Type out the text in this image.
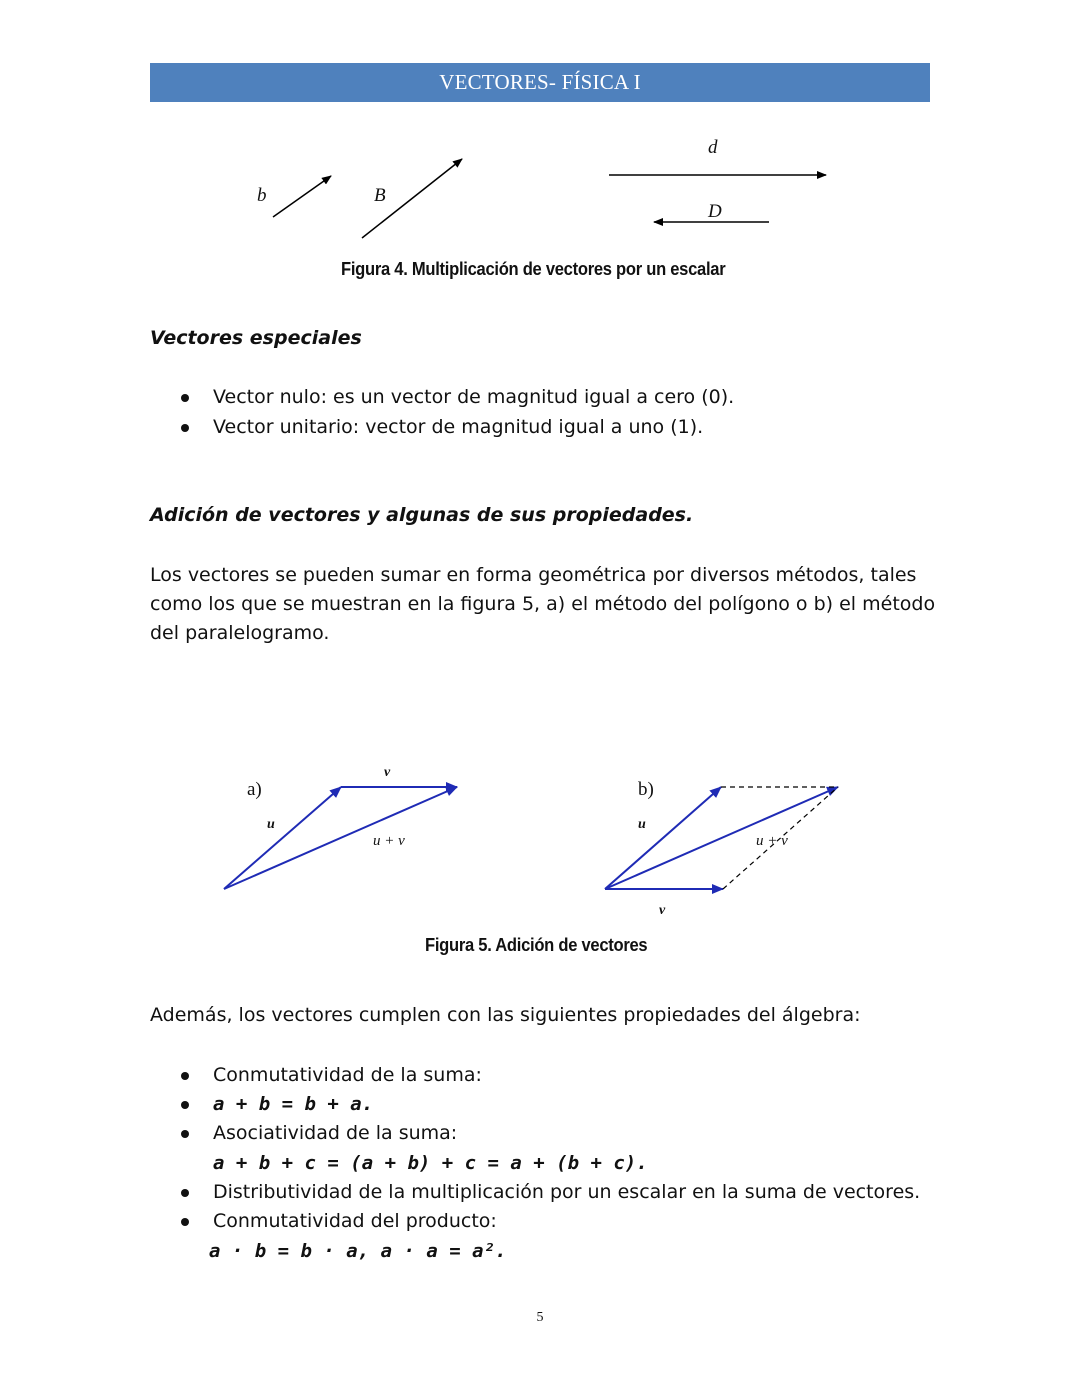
VECTORES- FÍSICA I
b	B
d
D
Figura 4. Multiplicación de vectores por un escalar
Vectores especiales
Vector nulo: es un vector de magnitud igual a cero (0).
Vector unitario: vector de magnitud igual a uno (1).
Adición de vectores y algunas de sus propiedades.
Los vectores se pueden sumar en forma geométrica por diversos métodos, tales
como los que se muestran en la figura 5, a) el método del polígono o b) el método
del paralelogramo.
a)
v
u
u + v
b)
u
v
u + v
Figura 5. Adición de vectores
Además, los vectores cumplen con las siguientes propiedades del álgebra:
Conmutatividad de la suma:
a + b = b + a.
Asociatividad de la suma:
a + b + c = (a + b) + c = a + (b + c).
Distributividad de la multiplicación por un escalar en la suma de vectores.
Conmutatividad del producto:
a · b = b · a, a · a = a².
5
